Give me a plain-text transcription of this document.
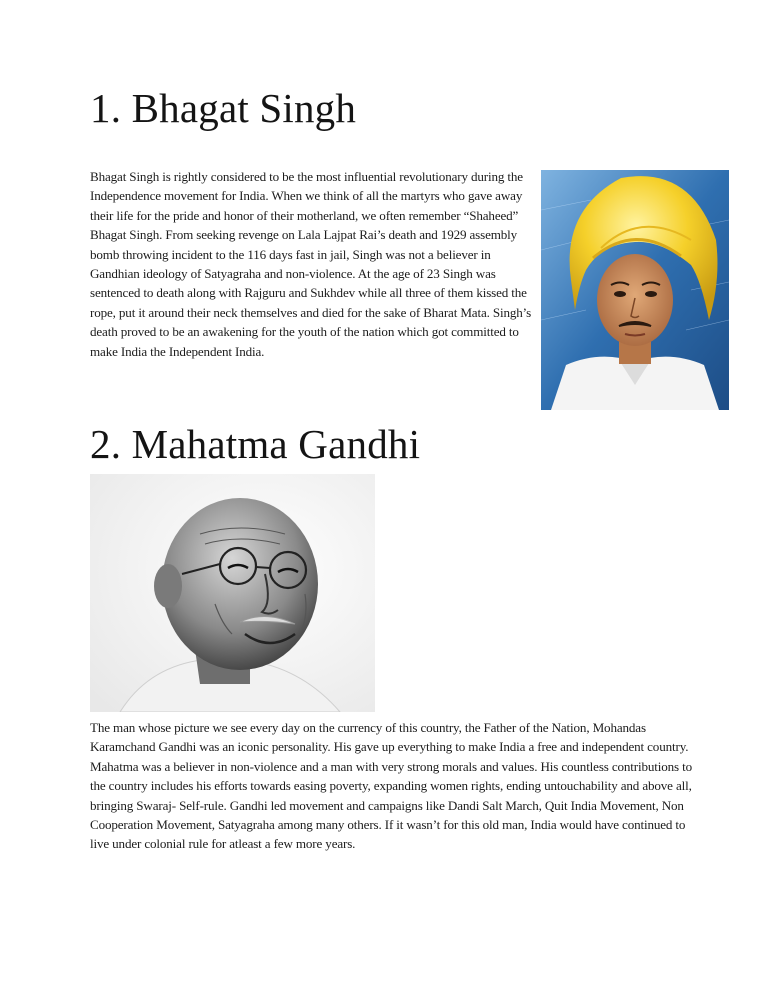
1. Bhagat Singh

Bhagat Singh is rightly considered to be the most influential revolutionary during the Independence movement for India. When we think of all the martyrs who gave away their life for the pride and honor of their motherland, we often remember “Shaheed” Bhagat Singh. From seeking revenge on Lala Lajpat Rai’s death and 1929 assembly bomb throwing incident to the 116 days fast in jail, Singh was not a believer in Gandhian ideology of Satyagraha and non-violence. At the age of 23 Singh was sentenced to death along with Rajguru and Sukhdev while all three of them kissed the rope, put it around their neck themselves and died for the sake of Bharat Mata. Singh’s death proved to be an awakening for the youth of the nation which got committed to make India the Independent India.

2. Mahatma Gandhi

The man whose picture we see every day on the currency of this country, the Father of the Nation, Mohandas Karamchand Gandhi was an iconic personality. His gave up everything to make India a free and independent country. Mahatma was a believer in non-violence and a man with very strong morals and values. His countless contributions to the country includes his efforts towards easing poverty, expanding women rights, ending untouchability and above all, bringing Swaraj- Self-rule. Gandhi led movement and campaigns like Dandi Salt March, Quit India Movement, Non Cooperation Movement, Satyagraha among many others. If it wasn’t for this old man, India would have continued to live under colonial rule for atleast a few more years.
